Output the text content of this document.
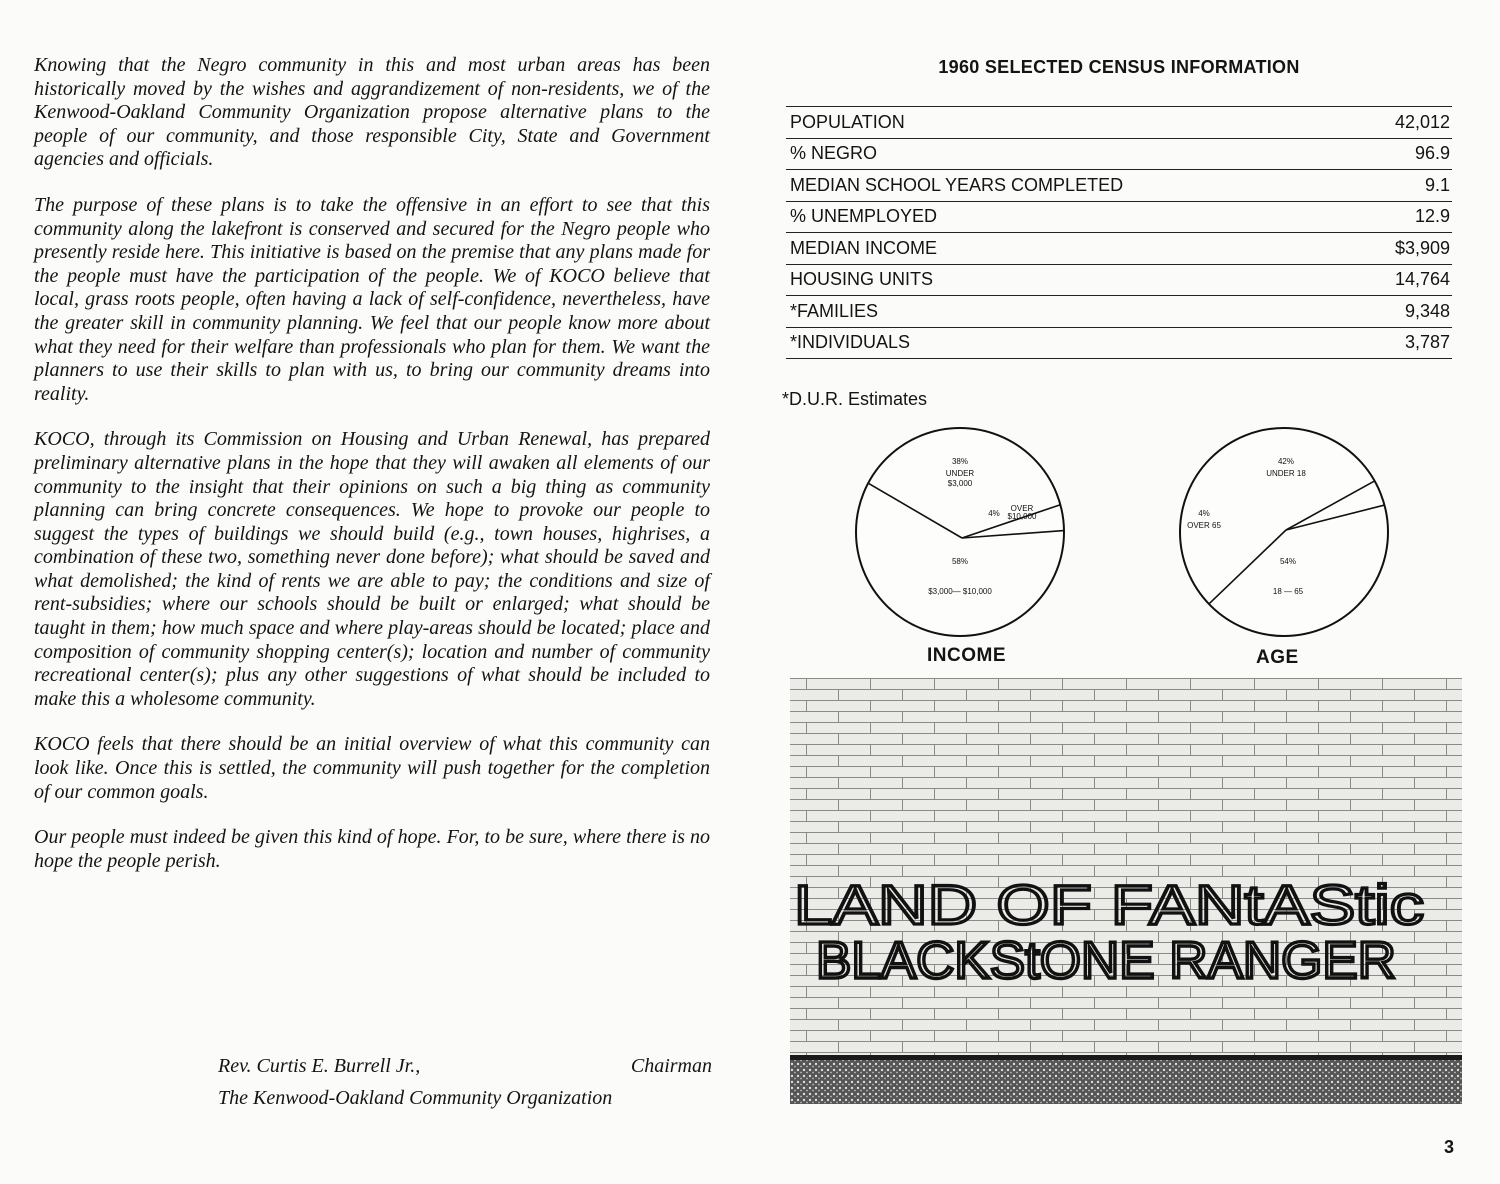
Knowing that the Negro community in this and most urban areas has been historically moved by the wishes and aggrandizement of non-residents, we of the Kenwood-Oakland Community Organization propose alternative plans to the people of our community, and those responsible City, State and Government agencies and officials.

The purpose of these plans is to take the offensive in an effort to see that this community along the lakefront is conserved and secured for the Negro people who presently reside here. This initiative is based on the premise that any plans made for the people must have the participation of the people. We of KOCO believe that local, grass roots people, often having a lack of self-confidence, nevertheless, have the greater skill in community planning. We feel that our people know more about what they need for their welfare than professionals who plan for them. We want the planners to use their skills to plan with us, to bring our community dreams into reality.

KOCO, through its Commission on Housing and Urban Renewal, has prepared preliminary alternative plans in the hope that they will awaken all elements of our community to the insight that their opinions on such a big thing as community planning can bring concrete consequences. We hope to provoke our people to suggest the types of buildings we should build (e.g., town houses, highrises, a combination of these two, something never done before); what should be saved and what demolished; the kind of rents we are able to pay; the conditions and size of rent-subsidies; where our schools should be built or enlarged; what should be taught in them; how much space and where play-areas should be located; place and composition of community shopping center(s); location and number of community recreational center(s); plus any other suggestions of what should be included to make this a wholesome community.

KOCO feels that there should be an initial overview of what this community can look like. Once this is settled, the community will push together for the completion of our common goals.

Our people must indeed be given this kind of hope. For, to be sure, where there is no hope the people perish.

Rev. Curtis E. Burrell Jr.,	Chairman
The Kenwood-Oakland Community Organization
1960 SELECTED CENSUS INFORMATION
POPULATION	42,012
% NEGRO	96.9
MEDIAN SCHOOL YEARS COMPLETED	9.1
% UNEMPLOYED	12.9
MEDIAN INCOME	$3,909
HOUSING UNITS	14,764
*FAMILIES	9,348
*INDIVIDUALS	3,787
*D.U.R. Estimates
38%
UNDER
$3,000
4%
OVER
$10,000
58%
$3,000— $10,000
42%
UNDER 18
4%
OVER 65
54%
18 — 65
INCOME	AGE
LAND OF FANtAStic
BLACKStONE RANGER
3
